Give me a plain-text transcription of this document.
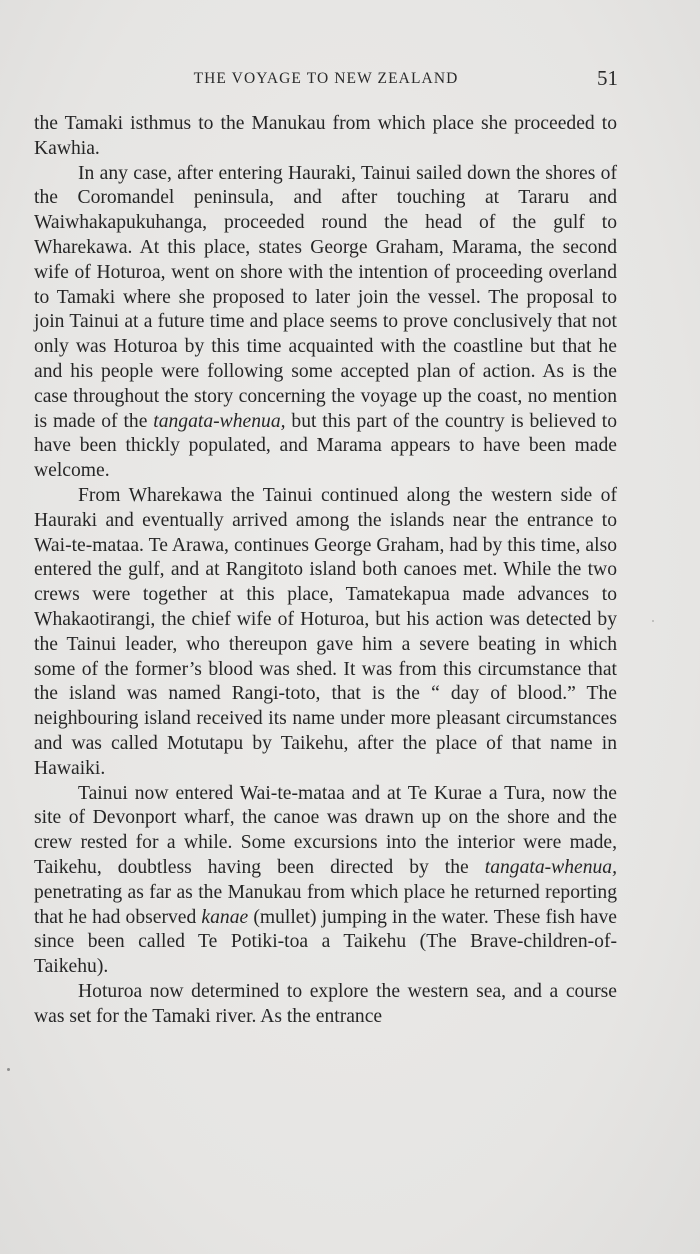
THE VOYAGE TO NEW ZEALAND	51

the Tamaki isthmus to the Manukau from which place she proceeded to Kawhia.

In any case, after entering Hauraki, Tainui sailed down the shores of the Coromandel peninsula, and after touching at Tararu and Waiwhakapukuhanga, proceeded round the head of the gulf to Wharekawa. At this place, states George Graham, Marama, the second wife of Hoturoa, went on shore with the intention of proceeding overland to Tamaki where she proposed to later join the vessel. The proposal to join Tainui at a future time and place seems to prove conclusively that not only was Hoturoa by this time acquainted with the coastline but that he and his people were following some accepted plan of action. As is the case throughout the story concerning the voyage up the coast, no mention is made of the tangata-whenua, but this part of the country is believed to have been thickly populated, and Marama appears to have been made welcome.

From Wharekawa the Tainui continued along the western side of Hauraki and eventually arrived among the islands near the entrance to Wai-te-mataa. Te Arawa, continues George Graham, had by this time, also entered the gulf, and at Rangitoto island both canoes met. While the two crews were together at this place, Tamatekapua made advances to Whakaotirangi, the chief wife of Hoturoa, but his action was detected by the Tainui leader, who thereupon gave him a severe beating in which some of the former’s blood was shed. It was from this circumstance that the island was named Rangi-toto, that is the “ day of blood.” The neighbouring island received its name under more pleasant circumstances and was called Motutapu by Taikehu, after the place of that name in Hawaiki.

Tainui now entered Wai-te-mataa and at Te Kurae a Tura, now the site of Devonport wharf, the canoe was drawn up on the shore and the crew rested for a while. Some excursions into the interior were made, Taikehu, doubtless having been directed by the tangata-whenua, penetrating as far as the Manukau from which place he returned reporting that he had observed kanae (mullet) jumping in the water. These fish have since been called Te Potiki-toa a Taikehu (The Brave-children-of-Taikehu).

Hoturoa now determined to explore the western sea, and a course was set for the Tamaki river. As the entrance
